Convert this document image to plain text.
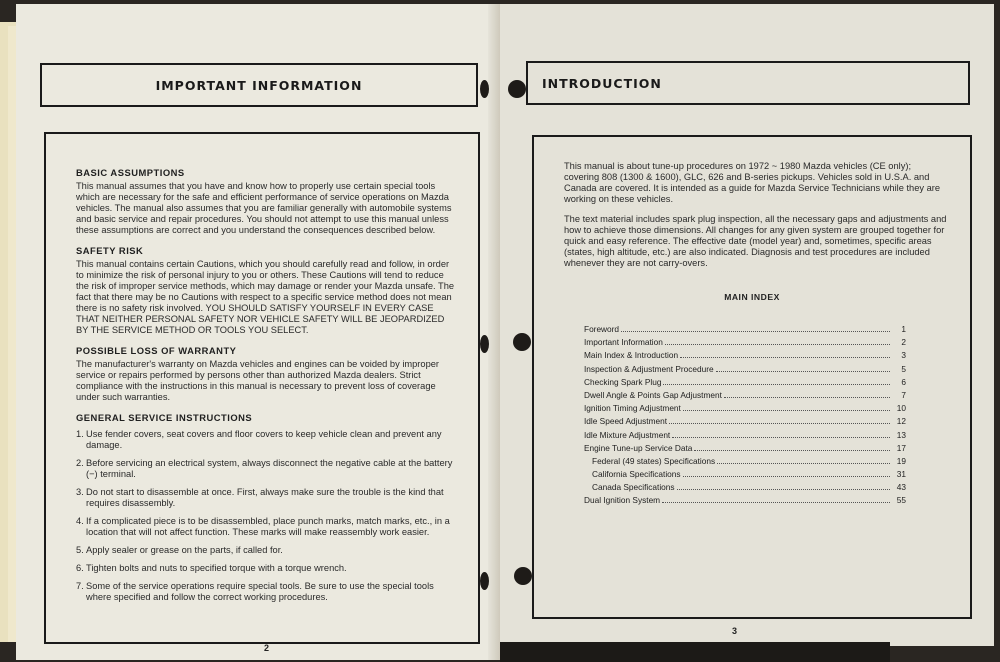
IMPORTANT INFORMATION
BASIC ASSUMPTIONS

This manual assumes that you have and know how to properly use certain special tools which are necessary for the safe and efficient performance of service operations on Mazda vehicles. The manual also assumes that you are familiar generally with automobile systems and basic service and repair procedures. You should not attempt to use this manual unless these assumptions are correct and you understand the consequences described below.

SAFETY RISK

This manual contains certain Cautions, which you should carefully read and follow, in order to minimize the risk of personal injury to you or others. These Cautions will tend to reduce the risk of improper service methods, which may damage or render your Mazda unsafe. The fact that there may be no Cautions with respect to a specific service method does not mean there is no safety risk involved. YOU SHOULD SATISFY YOURSELF IN EVERY CASE THAT NEITHER PERSONAL SAFETY NOR VEHICLE SAFETY WILL BE JEOPARDIZED BY THE SERVICE METHOD OR TOOLS YOU SELECT.

POSSIBLE LOSS OF WARRANTY

The manufacturer's warranty on Mazda vehicles and engines can be voided by improper service or repairs performed by persons other than authorized Mazda dealers. Strict compliance with the instructions in this manual is necessary to prevent loss of coverage under such warranties.

GENERAL SERVICE INSTRUCTIONS
1. Use fender covers, seat covers and floor covers to keep vehicle clean and prevent any damage.
2. Before servicing an electrical system, always disconnect the negative cable at the battery (−) terminal.
3. Do not start to disassemble at once. First, always make sure the trouble is the kind that requires disassembly.
4. If a complicated piece is to be disassembled, place punch marks, match marks, etc., in a location that will not affect function. These marks will make reassembly work easier.
5. Apply sealer or grease on the parts, if called for.
6. Tighten bolts and nuts to specified torque with a torque wrench.
7. Some of the service operations require special tools. Be sure to use the special tools where specified and follow the correct working procedures.
2
INTRODUCTION

This manual is about tune-up procedures on 1972 ~ 1980 Mazda vehicles (CE only); covering 808 (1300 & 1600), GLC, 626 and B-series pickups. Vehicles sold in U.S.A. and Canada are covered. It is intended as a guide for Mazda Service Technicians while they are working on these vehicles.

The text material includes spark plug inspection, all the necessary gaps and adjustments and how to achieve those dimensions. All changes for any given system are grouped together for quick and easy reference. The effective date (model year) and, sometimes, specific areas (states, high altitude, etc.) are also indicated. Diagnosis and test procedures are included whenever they are not carry-overs.

MAIN INDEX
Foreword	1
Important Information	2
Main Index & Introduction	3
Inspection & Adjustment Procedure	5
Checking Spark Plug	6
Dwell Angle & Points Gap Adjustment	7
Ignition Timing Adjustment	10
Idle Speed Adjustment	12
Idle Mixture Adjustment	13
Engine Tune-up Service Data	17
Federal (49 states) Specifications	19
California Specifications	31
Canada Specifications	43
Dual Ignition System	55
3
